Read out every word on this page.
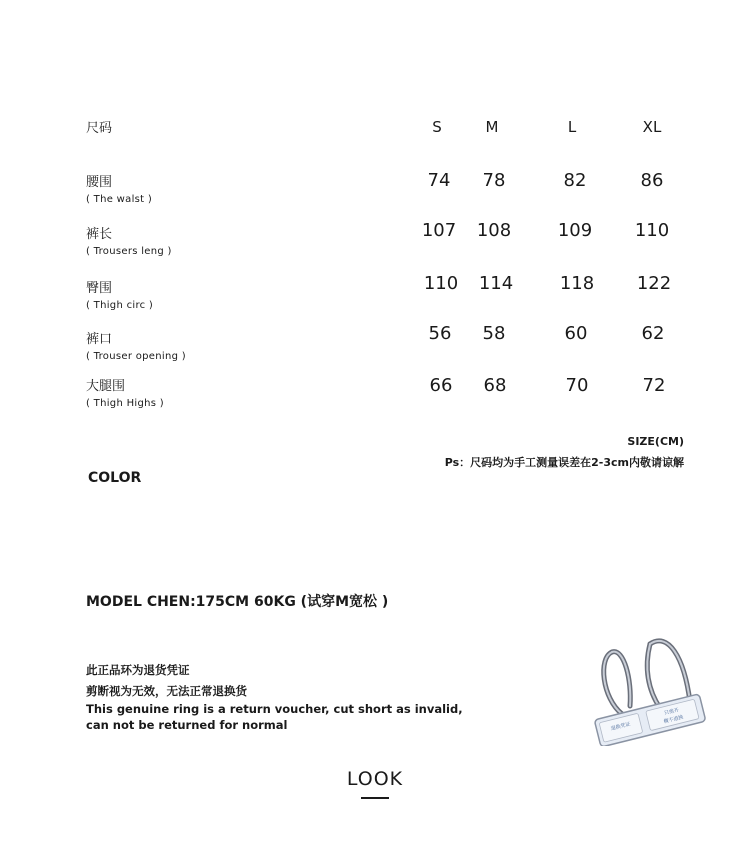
尺码	S	M	L	XL
腰围
( The walst )
74	78	82	86
裤长
( Trousers leng )
107	108	109	110
臀围
( Thigh circ )
110	114	118	122
裤口
( Trouser opening )
56	58	60	62
大腿围
( Thigh Highs )
66	68	70	72
SIZE(CM)
Ps：尺码均为手工测量误差在2-3cm内敬请谅解
COLOR
MODEL CHEN:175CM 60KG (试穿M宽松 )
此正品环为退货凭证
剪断视为无效，无法正常退换货
This genuine ring is a return voucher, cut short as invalid,
can not be returned for normal	退换凭证
只剪开
概不退换
LOOK
